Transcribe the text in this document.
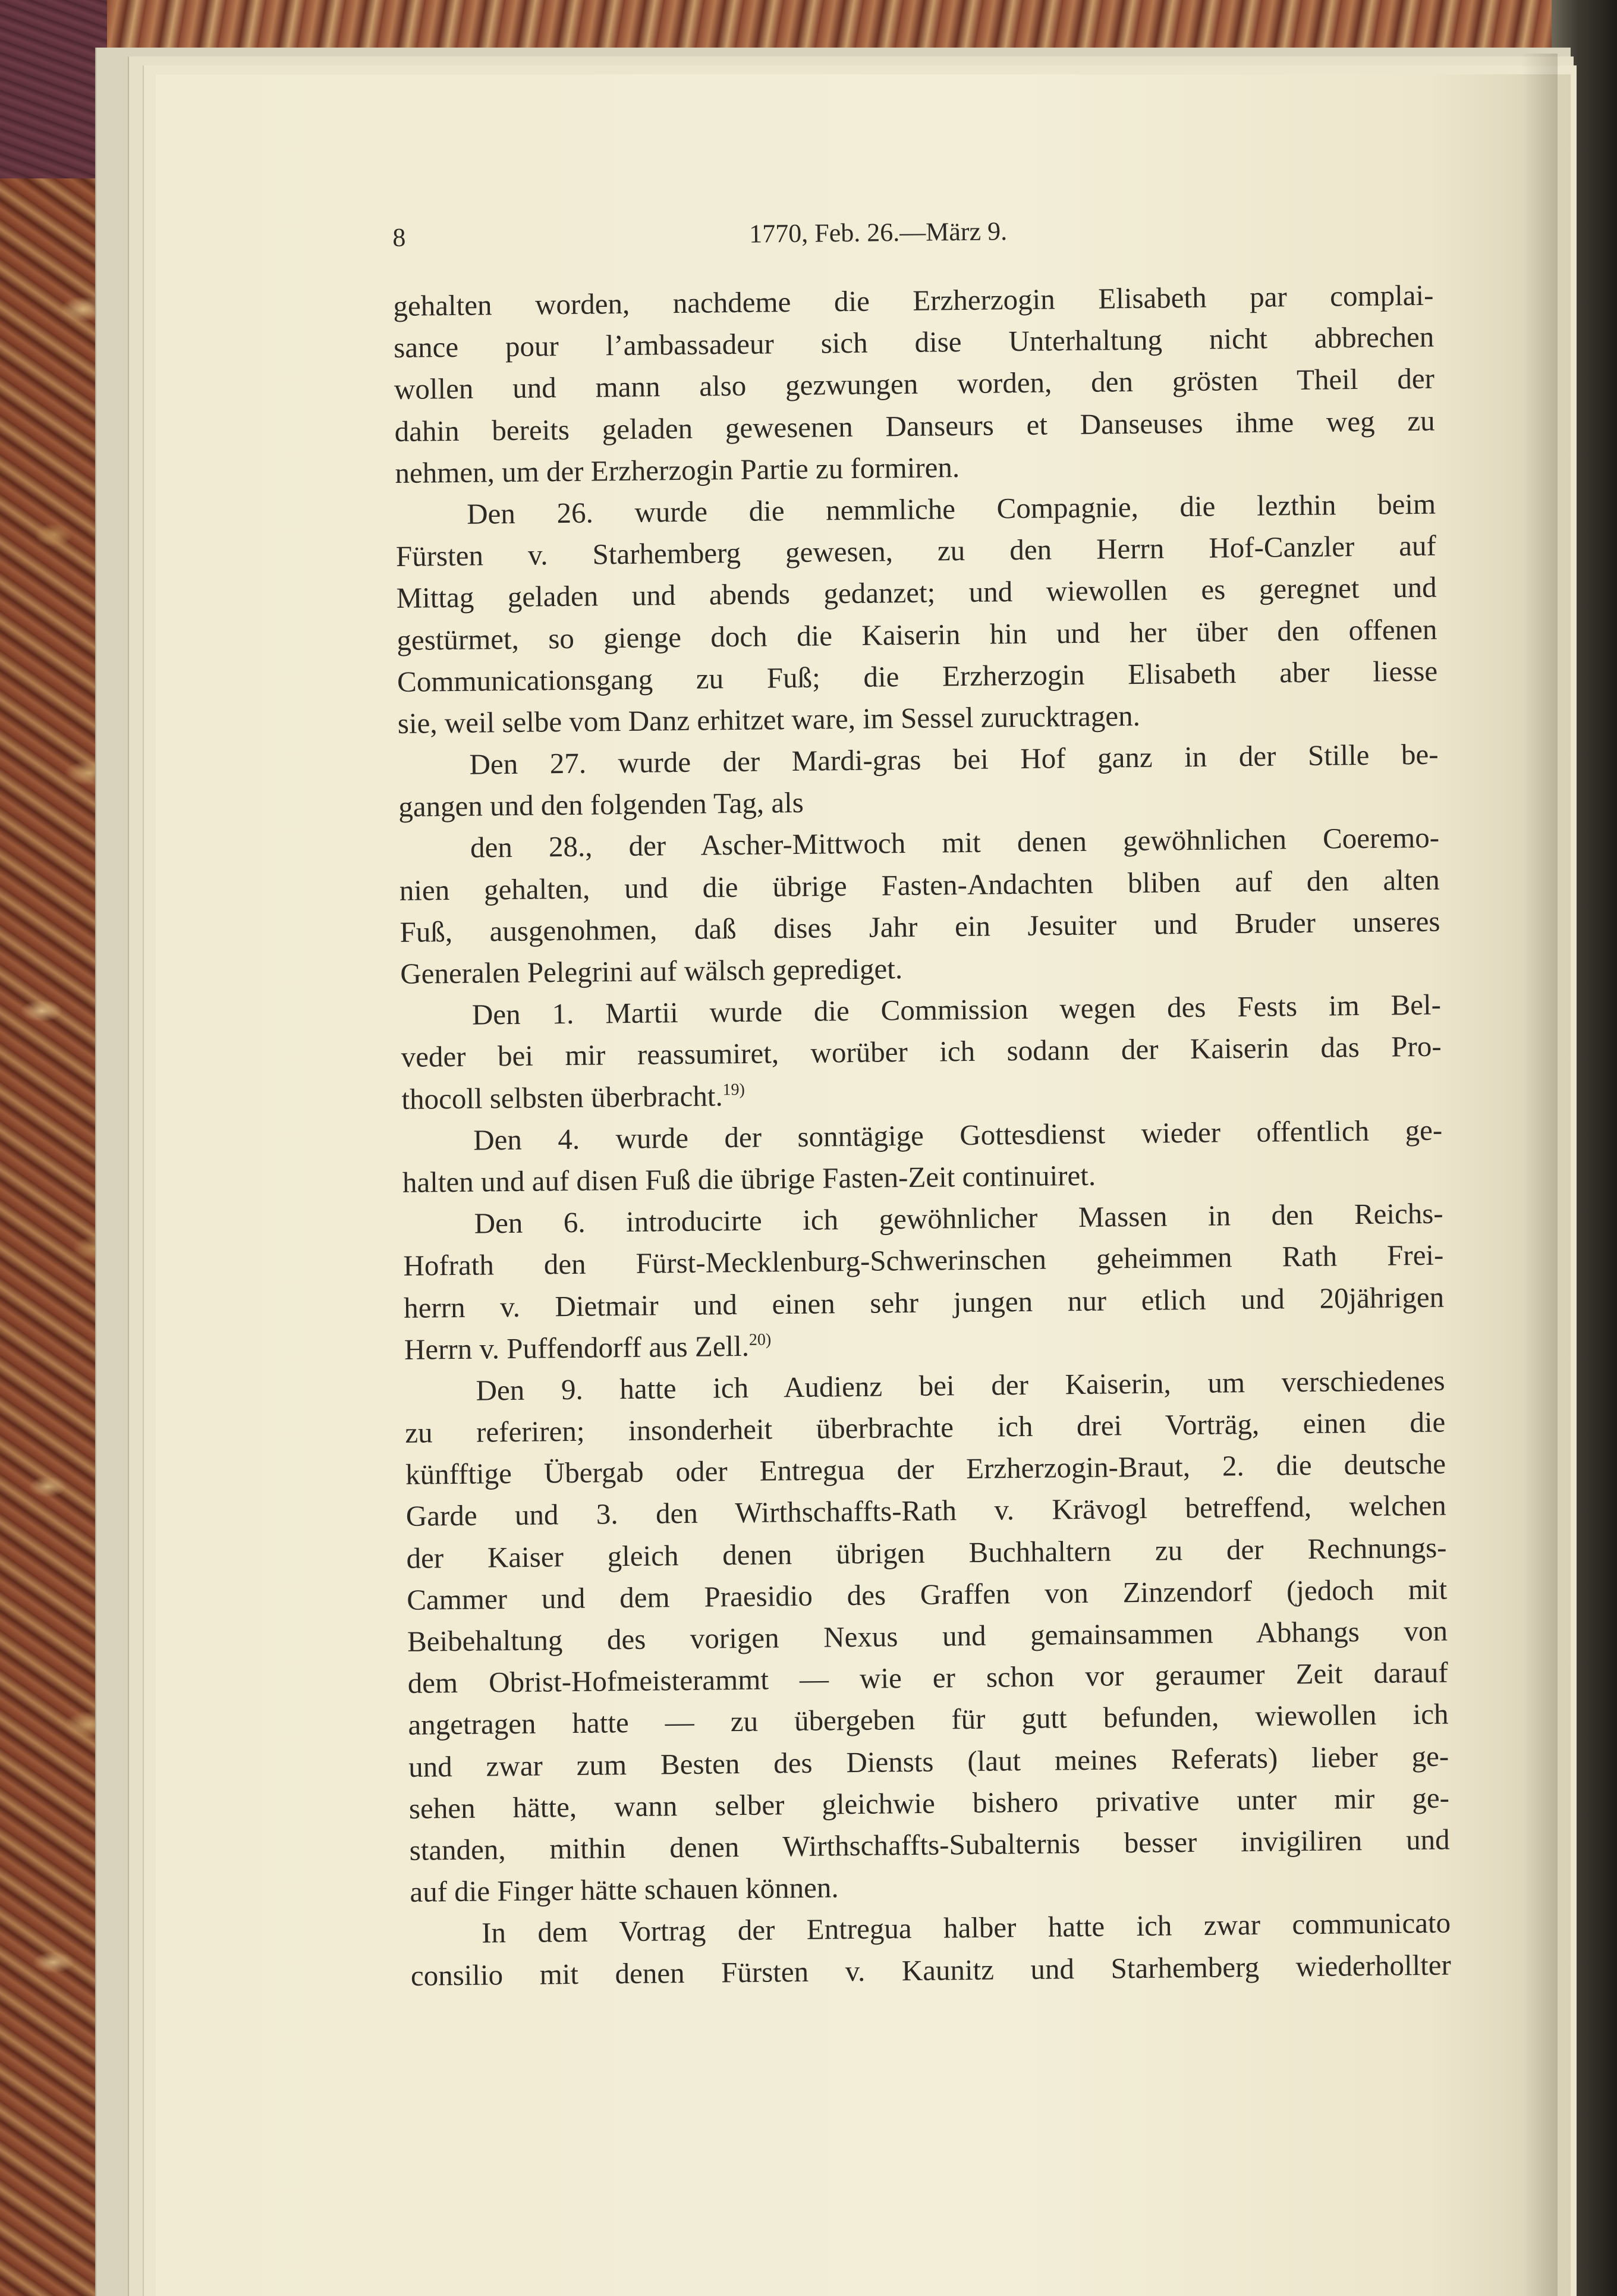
8	1770, Feb. 26.—März 9.
gehalten worden, nachdeme die Erzherzogin Elisabeth par complai-
sance pour l’ambassadeur sich dise Unterhaltung nicht abbrechen
wollen und mann also gezwungen worden, den grösten Theil der
dahin bereits geladen gewesenen Danseurs et Danseuses ihme weg zu
nehmen, um der Erzherzogin Partie zu formiren.
Den 26. wurde die nemmliche Compagnie, die lezthin beim
Fürsten v. Starhemberg gewesen, zu den Herrn Hof-Canzler auf
Mittag geladen und abends gedanzet; und wiewollen es geregnet und
gestürmet, so gienge doch die Kaiserin hin und her über den offenen
Communicationsgang zu Fuß; die Erzherzogin Elisabeth aber liesse
sie, weil selbe vom Danz erhitzet ware, im Sessel zurucktragen.
Den 27. wurde der Mardi-gras bei Hof ganz in der Stille be-
gangen und den folgenden Tag, als
den 28., der Ascher-Mittwoch mit denen gewöhnlichen Coeremo-
nien gehalten, und die übrige Fasten-Andachten bliben auf den alten
Fuß, ausgenohmen, daß dises Jahr ein Jesuiter und Bruder unseres
Generalen Pelegrini auf wälsch geprediget.
Den 1. Martii wurde die Commission wegen des Fests im Bel-
veder bei mir reassumiret, worüber ich sodann der Kaiserin das Pro-
thocoll selbsten überbracht.$^{19)}$
Den 4. wurde der sonntägige Gottesdienst wieder offentlich ge-
halten und auf disen Fuß die übrige Fasten-Zeit continuiret.
Den 6. introducirte ich gewöhnlicher Massen in den Reichs-
Hofrath den Fürst-Mecklenburg-Schwerinschen geheimmen Rath Frei-
herrn v. Dietmair und einen sehr jungen nur etlich und 20jährigen
Herrn v. Puffendorff aus Zell.$^{20)}$
Den 9. hatte ich Audienz bei der Kaiserin, um verschiedenes
zu referiren; insonderheit überbrachte ich drei Vorträg, einen die
künfftige Übergab oder Entregua der Erzherzogin-Braut, 2. die deutsche
Garde und 3. den Wirthschaffts-Rath v. Krävogl betreffend, welchen
der Kaiser gleich denen übrigen Buchhaltern zu der Rechnungs-
Cammer und dem Praesidio des Graffen von Zinzendorf (jedoch mit
Beibehaltung des vorigen Nexus und gemainsammen Abhangs von
dem Obrist-Hofmeisterammt — wie er schon vor geraumer Zeit darauf
angetragen hatte — zu übergeben für gutt befunden, wiewollen ich
und zwar zum Besten des Diensts (laut meines Referats) lieber ge-
sehen hätte, wann selber gleichwie bishero privative unter mir ge-
standen, mithin denen Wirthschaffts-Subalternis besser invigiliren und
auf die Finger hätte schauen können.
In dem Vortrag der Entregua halber hatte ich zwar communicato
consilio mit denen Fürsten v. Kaunitz und Starhemberg wiederhollter
